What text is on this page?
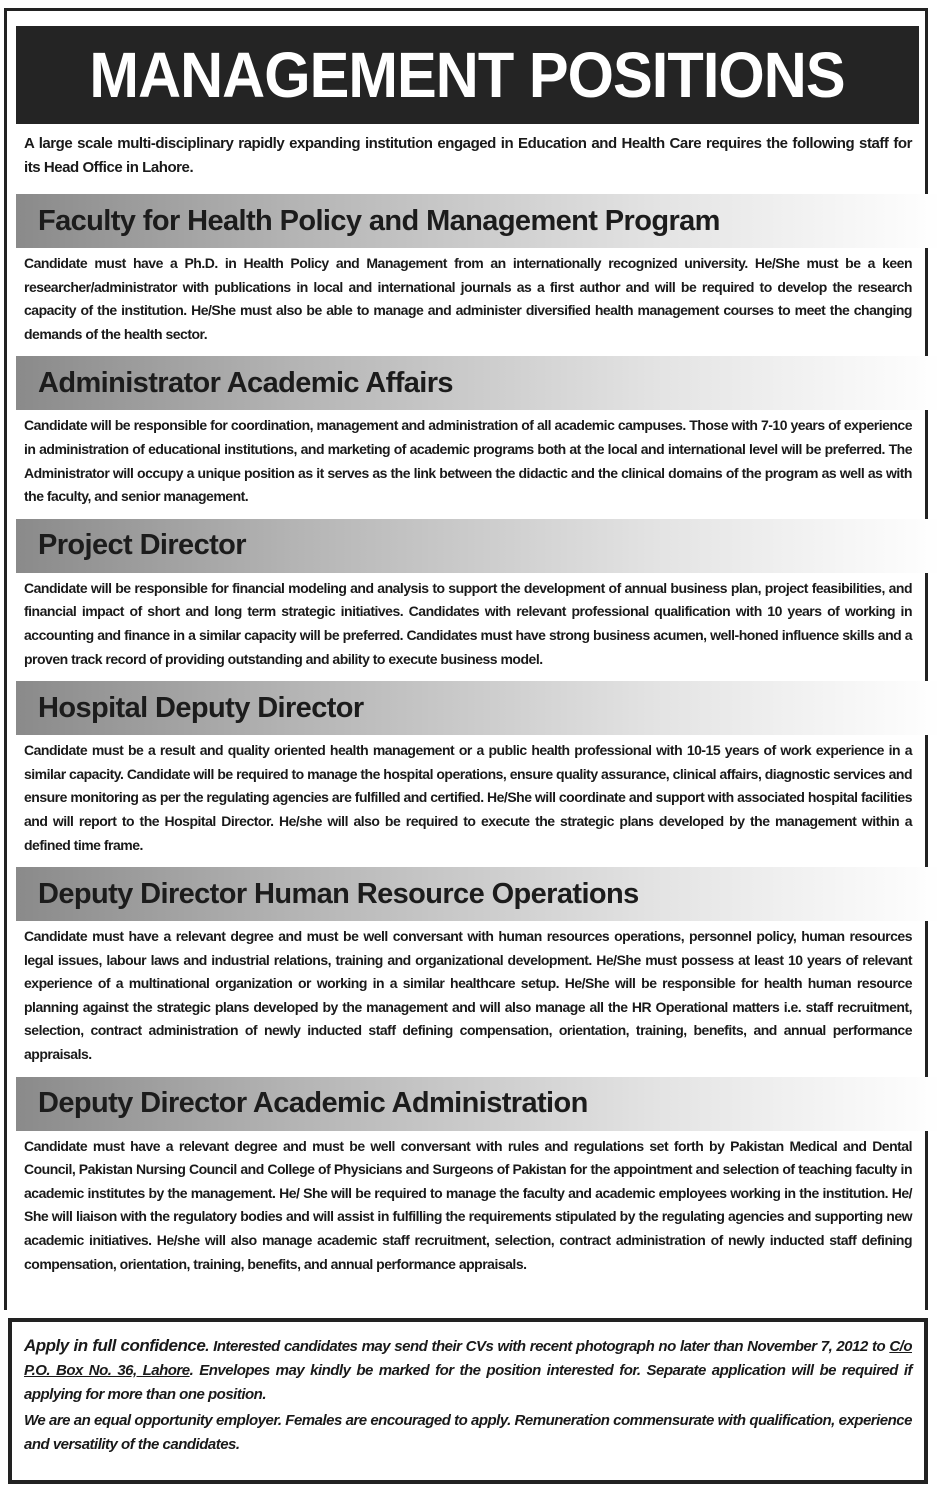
MANAGEMENT POSITIONS

A large scale multi-disciplinary rapidly expanding institution engaged in Education and Health Care requires the following staff for its Head Office in Lahore.

Faculty for Health Policy and Management Program

Candidate must have a Ph.D. in Health Policy and Management from an internationally recognized university. He/She must be a keen researcher/administrator with publications in local and international journals as a first author and will be required to develop the research capacity of the institution. He/She must also be able to manage and administer diversified health management courses to meet the changing demands of the health sector.

Administrator Academic Affairs

Candidate will be responsible for coordination, management and administration of all academic campuses. Those with 7-10 years of experience in administration of educational institutions, and marketing of academic programs both at the local and international level will be preferred. The Administrator will occupy a unique position as it serves as the link between the didactic and the clinical domains of the program as well as with the faculty, and senior management.

Project Director

Candidate will be responsible for financial modeling and analysis to support the development of annual business plan, project feasibilities, and financial impact of short and long term strategic initiatives. Candidates with relevant professional qualification with 10 years of working in accounting and finance in a similar capacity will be preferred. Candidates must have strong business acumen, well-honed influence skills and a proven track record of providing outstanding and ability to execute business model.

Hospital Deputy Director

Candidate must be a result and quality oriented health management or a public health professional with 10-15 years of work experience in a similar capacity. Candidate will be required to manage the hospital operations, ensure quality assurance, clinical affairs, diagnostic services and ensure monitoring as per the regulating agencies are fulfilled and certified. He/She will coordinate and support with associated hospital facilities and will report to the Hospital Director. He/she will also be required to execute the strategic plans developed by the management within a defined time frame.

Deputy Director Human Resource Operations

Candidate must have a relevant degree and must be well conversant with human resources operations, personnel policy, human resources legal issues, labour laws and industrial relations, training and organizational development. He/She must possess at least 10 years of relevant experience of a multinational organization or working in a similar healthcare setup. He/She will be responsible for health human resource planning against the strategic plans developed by the management and will also manage all the HR Operational matters i.e. staff recruitment, selection, contract administration of newly inducted staff defining compensation, orientation, training, benefits, and annual performance appraisals.

Deputy Director Academic Administration

Candidate must have a relevant degree and must be well conversant with rules and regulations set forth by Pakistan Medical and Dental Council, Pakistan Nursing Council and College of Physicians and Surgeons of Pakistan for the appointment and selection of teaching faculty in academic institutes by the management. He/ She will be required to manage the faculty and academic employees working in the institution. He/ She will liaison with the regulatory bodies and will assist in fulfilling the requirements stipulated by the regulating agencies and supporting new academic initiatives. He/she will also manage academic staff recruitment, selection, contract administration of newly inducted staff defining compensation, orientation, training, benefits, and annual performance appraisals.

Apply in full confidence. Interested candidates may send their CVs with recent photograph no later than November 7, 2012 to C/o P.O. Box No. 36, Lahore. Envelopes may kindly be marked for the position interested for. Separate application will be required if applying for more than one position.

We are an equal opportunity employer. Females are encouraged to apply. Remuneration commensurate with qualification, experience and versatility of the candidates.
